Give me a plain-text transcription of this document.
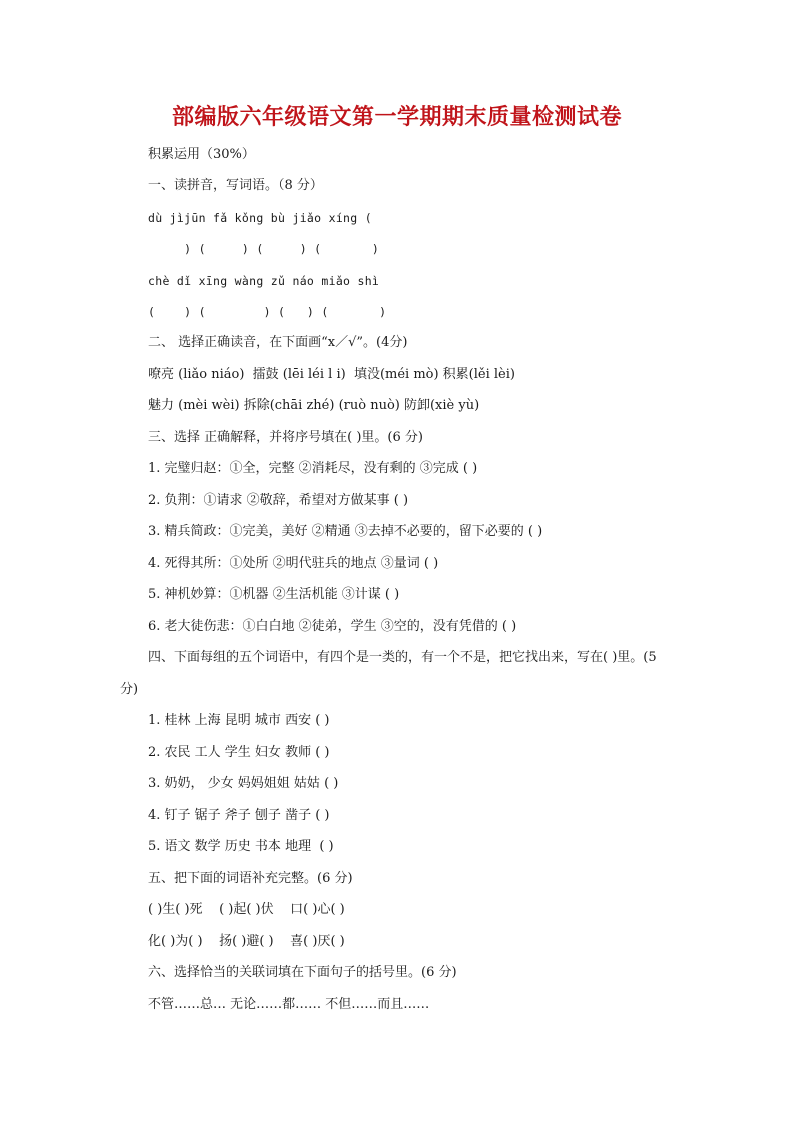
部编版六年级语文第一学期期末质量检测试卷
积累运用（30%）
一、读拼音，写词语。（8 分）
dù jìjūn fǎ kǒng bù jiǎo xíng (
) (     ) (     ) (       )
chè dǐ xīng wàng zǔ náo miǎo shì
(    ) (        ) (   ) (       )
二、 选择正确读音，在下面画“x／√”。(4分)
嘹亮 (liǎo niáo)  擂鼓 (lēi léi l i)  填没(méi mò) 积累(lěi lèi)
魅力 (mèi wèi) 拆除(chāi zhé) (ruò nuò) 防卸(xiè yù)
三、选择 正确解释，并将序号填在( )里。(6 分)
1. 完璧归赵：①全，完整 ②消耗尽，没有剩的 ③完成 ( )
2. 负荆：①请求 ②敬辞，希望对方做某事 ( )
3. 精兵简政：①完美，美好 ②精通 ③去掉不必要的，留下必要的 ( )
4. 死得其所：①处所 ②明代驻兵的地点 ③量词 ( )
5. 神机妙算：①机器 ②生活机能 ③计谋 ( )
6. 老大徒伤悲：①白白地 ②徒弟，学生 ③空的，没有凭借的 ( )
四、下面每组的五个词语中，有四个是一类的，有一个不是，把它找出来，写在( )里。(5
分)
1. 桂林 上海 昆明 城市 西安 ( )
2. 农民 工人 学生 妇女 教师 ( )
3. 奶奶， 少女 妈妈姐姐 姑姑 ( )
4. 钉子 锯子 斧子 刨子 凿子 ( )
5. 语文 数学 历史 书本 地理  ( )
五、把下面的词语补充完整。(6 分)
( )生( )死    ( )起( )伏    口( )心( )
化( )为( )    扬( )避( )    喜( )厌( )
六、选择恰当的关联词填在下面句子的括号里。(6 分)
不管……总… 无论……都…… 不但……而且……
